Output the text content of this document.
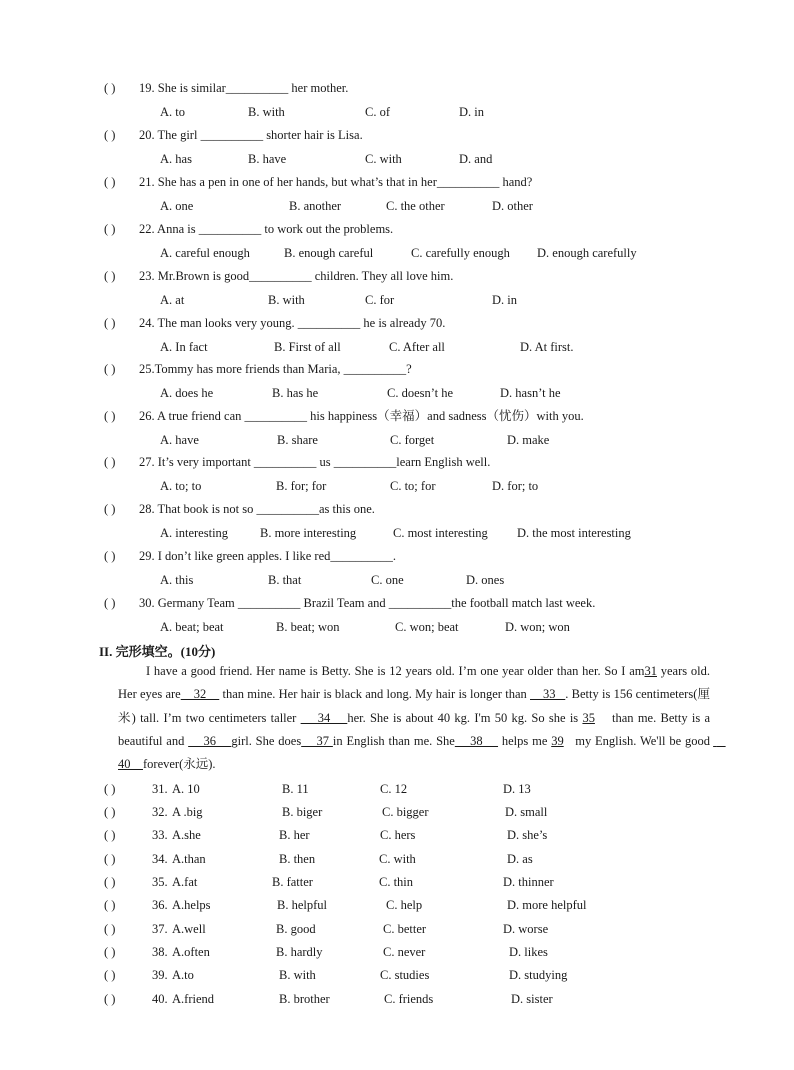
( ) 19. She is similar__________ her mother.
A. to	B. with	C. of	D. in
( ) 20. The girl __________ shorter hair is Lisa.
A. has	B. have	C. with	D. and
( ) 21. She has a pen in one of her hands, but what’s that in her__________ hand?
A. one	B. another	C. the other	D. other
( ) 22. Anna is __________ to work out the problems.
A. careful enough	B. enough careful	C. carefully enough D. enough carefully
( ) 23. Mr.Brown is good__________ children. They all love him.
A. at	B. with	C. for	D. in
( ) 24. The man looks very young. __________ he is already 70.
A. In fact	B. First of all	C. After all	D. At first.
( ) 25.Tommy has more friends than Maria, __________?
A. does he	B. has he	C. doesn’t he	D. hasn’t he
( ) 26. A true friend can __________ his happiness（幸福）and sadness（忧伤）with you.
A. have	B. share	C. forget	D. make
( ) 27. It’s very important __________ us __________learn English well.
A. to; to	B. for; for	C. to; for	D. for; to
( ) 28. That book is not so __________as this one.
A. interesting	B. more interesting	C. most interesting D. the most interesting
( ) 29. I don’t like green apples. I like red__________.
A. this	B. that	C. one	D. ones
( ) 30. Germany Team __________ Brazil Team and __________the football match last week.
A. beat; beat	B. beat; won	C. won; beat	D. won; won
II. 完形填空。(10分)
I have a good friend. Her name is Betty. She is 12 years old. I’m one year older than her. So I am31 years old. Her eyes are    32     than mine. Her hair is black and long. My hair is longer than     33   . Betty is 156 centimeters(厘米) tall. I’m two centimeters taller     34    her. She is about 40 kg. I'm 50 kg. So she is 35    than me. Betty is a beautiful and     36    girl. She does    37 in English than me. She    38     helps me 39   my English. We'll be good     40    forever(永远).
( )	31. A. 10	B. 11	C. 12	D. 13
( )	32. A .big	B. biger	C. bigger	D. small
( )	33. A.she	B. her	C. hers	D. she’s
( )	34. A.than	B. then	C. with	D. as
( )	35. A.fat	B. fatter	C. thin	D. thinner
( )	36. A.helps	B. helpful	C. help	D. more helpful
( )	37. A.well	B. good	C. better	D. worse
( )	38. A.often	B. hardly	C. never	D. likes
( )	39. A.to	B. with	C. studies	D. studying
( )	40. A.friend	B. brother	C. friends	D. sister
